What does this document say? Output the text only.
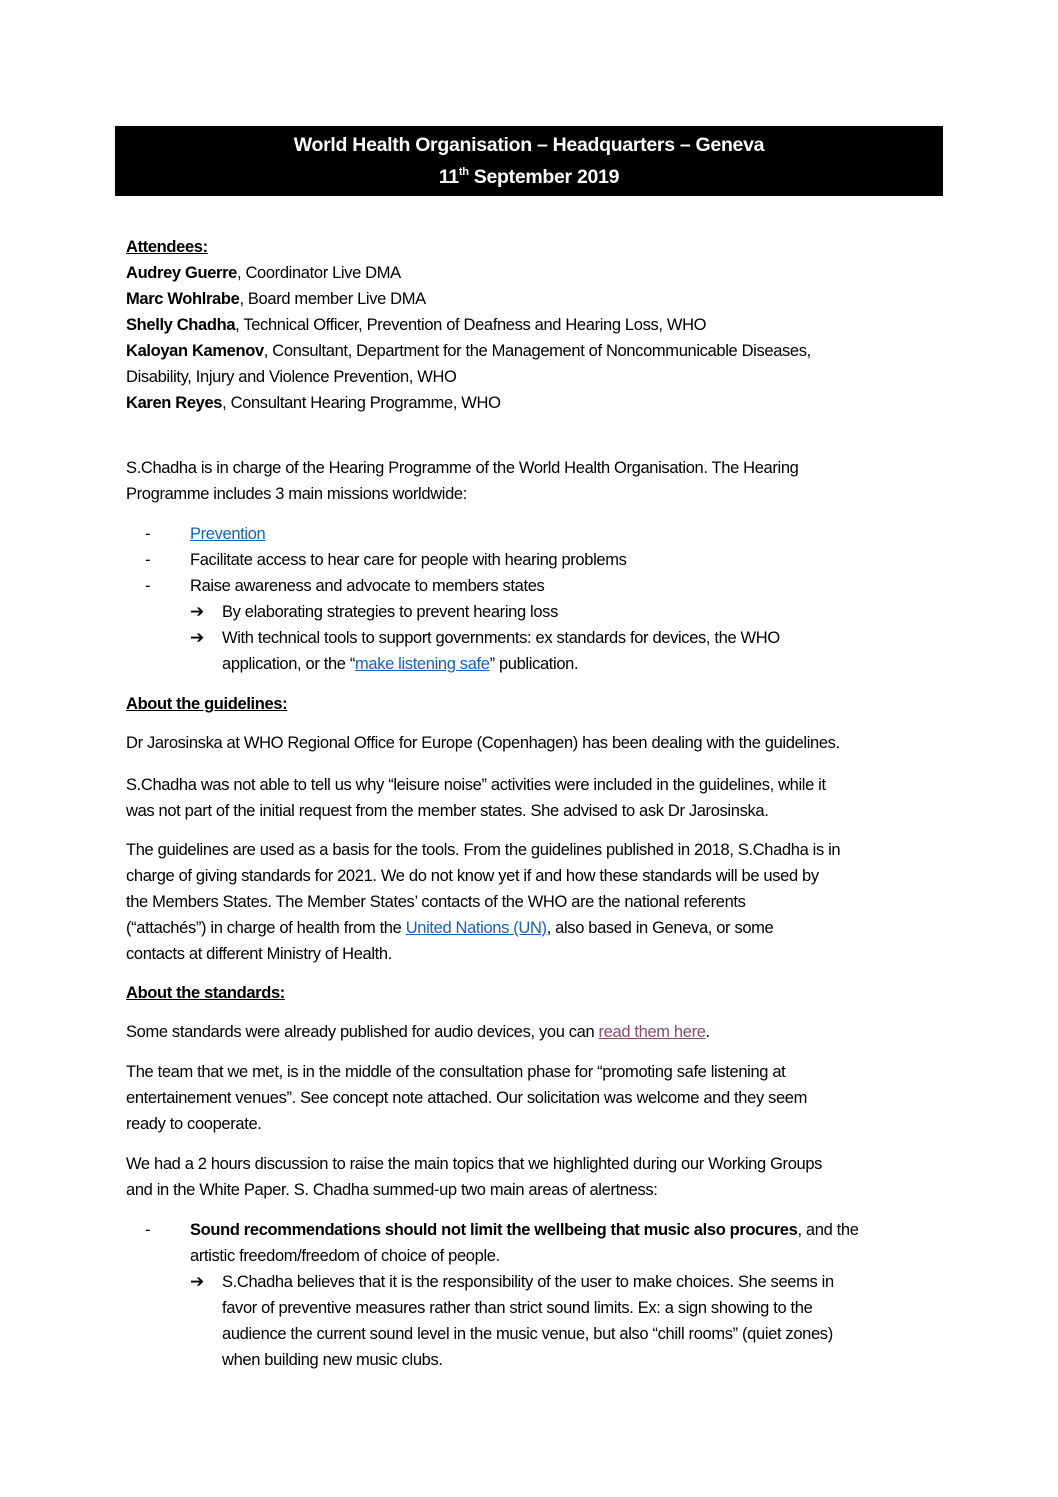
World Health Organisation – Headquarters – Geneva
11th September 2019
Attendees:
Audrey Guerre, Coordinator Live DMA
Marc Wohlrabe, Board member Live DMA
Shelly Chadha, Technical Officer, Prevention of Deafness and Hearing Loss, WHO
Kaloyan Kamenov, Consultant, Department for the Management of Noncommunicable Diseases,
Disability, Injury and Violence Prevention, WHO
Karen Reyes, Consultant Hearing Programme, WHO
S.Chadha is in charge of the Hearing Programme of the World Health Organisation. The Hearing
Programme includes 3 main missions worldwide:
- Prevention
- Facilitate access to hear care for people with hearing problems
- Raise awareness and advocate to members states
➔ By elaborating strategies to prevent hearing loss
➔ With technical tools to support governments: ex standards for devices, the WHO
application, or the “make listening safe” publication.
About the guidelines:
Dr Jarosinska at WHO Regional Office for Europe (Copenhagen) has been dealing with the guidelines.
S.Chadha was not able to tell us why “leisure noise” activities were included in the guidelines, while it
was not part of the initial request from the member states. She advised to ask Dr Jarosinska.
The guidelines are used as a basis for the tools. From the guidelines published in 2018, S.Chadha is in
charge of giving standards for 2021. We do not know yet if and how these standards will be used by
the Members States. The Member States’ contacts of the WHO are the national referents
(“attachés”) in charge of health from the United Nations (UN), also based in Geneva, or some
contacts at different Ministry of Health.
About the standards:
Some standards were already published for audio devices, you can read them here.
The team that we met, is in the middle of the consultation phase for “promoting safe listening at
entertainement venues”. See concept note attached. Our solicitation was welcome and they seem
ready to cooperate.
We had a 2 hours discussion to raise the main topics that we highlighted during our Working Groups
and in the White Paper. S. Chadha summed-up two main areas of alertness:
- Sound recommendations should not limit the wellbeing that music also procures, and the
artistic freedom/freedom of choice of people.
➔ S.Chadha believes that it is the responsibility of the user to make choices. She seems in
favor of preventive measures rather than strict sound limits. Ex: a sign showing to the
audience the current sound level in the music venue, but also “chill rooms” (quiet zones)
when building new music clubs.
